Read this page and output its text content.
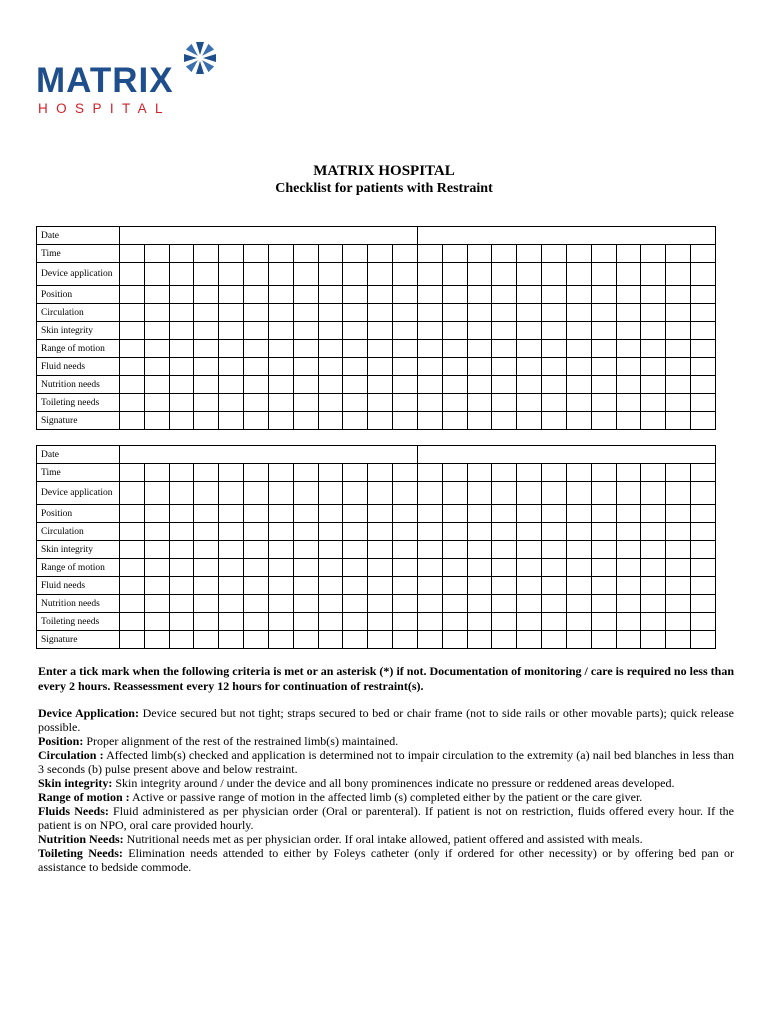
MATRIX
HOSPITAL
MATRIX HOSPITAL
Checklist for patients with Restraint
Date																								
Time																								
Device application																								
Position																								
Circulation																								
Skin integrity																								
Range of motion																								
Fluid needs																								
Nutrition needs																								
Toileting needs																								
Signature																								
Date																								
Time																								
Device application																								
Position																								
Circulation																								
Skin integrity																								
Range of motion																								
Fluid needs																								
Nutrition needs																								
Toileting needs																								
Signature																								
Enter a tick mark when the following criteria is met or an asterisk (*) if not. Documentation of monitoring / care is required no less than every 2 hours. Reassessment every 12 hours for continuation of restraint(s).

Device Application: Device secured but not tight; straps secured to bed or chair frame (not to side rails or other movable parts); quick release possible.

Position: Proper alignment of the rest of the restrained limb(s) maintained.

Circulation : Affected limb(s) checked and application is determined not to impair circulation to the extremity (a) nail bed blanches in less than 3 seconds (b) pulse present above and below restraint.

Skin integrity: Skin integrity around / under the device and all bony prominences indicate no pressure or reddened areas developed.

Range of motion : Active or passive range of motion in the affected limb (s) completed either by the patient or the care giver.

Fluids Needs: Fluid administered as per physician order (Oral or parenteral). If patient is not on restriction, fluids offered every hour. If the patient is on NPO, oral care provided hourly.

Nutrition Needs: Nutritional needs met as per physician order. If oral intake allowed, patient offered and assisted with meals.

Toileting Needs: Elimination needs attended to either by Foleys catheter (only if ordered for other necessity) or by offering bed pan or assistance to bedside commode.
